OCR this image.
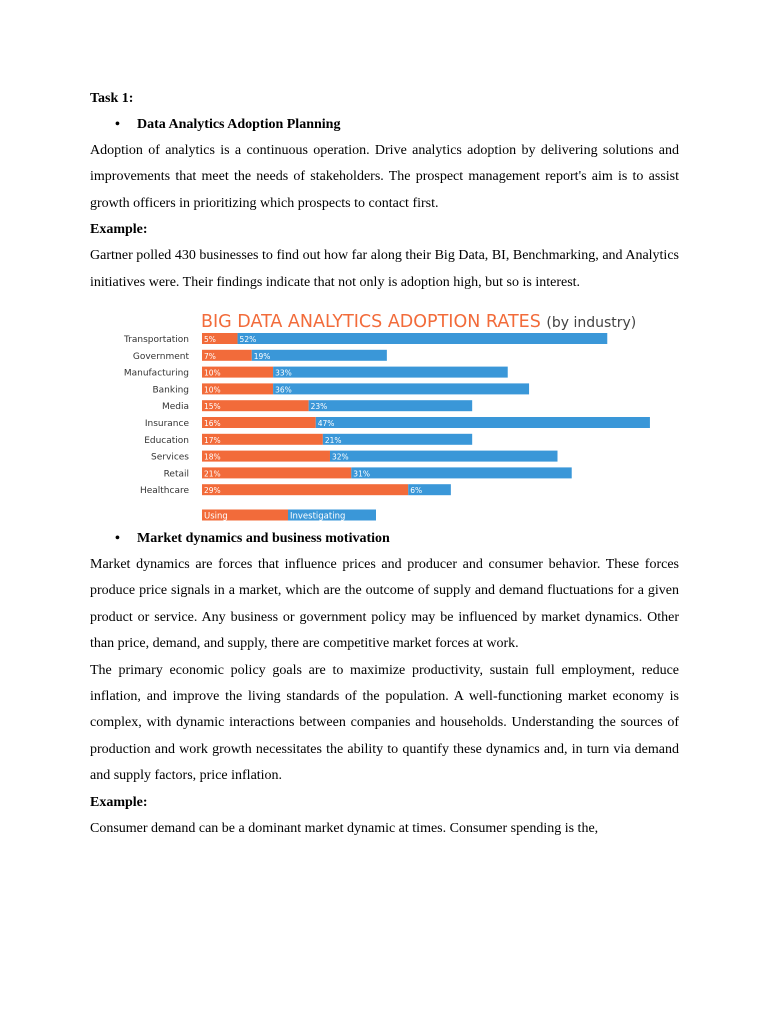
Task 1:

• Data Analytics Adoption Planning

Adoption of analytics is a continuous operation. Drive analytics adoption by delivering solutions and improvements that meet the needs of stakeholders. The prospect management report's aim is to assist growth officers in prioritizing which prospects to contact first.

Example:

Gartner polled 430 businesses to find out how far along their Big Data, BI, Benchmarking, and Analytics initiatives were. Their findings indicate that not only is adoption high, but so is interest.

BIG DATA ANALYTICS ADOPTION RATES (by industry)
Transportation 5%	52%
Government 7%	19%
Manufacturing 10%	33%
Banking 10%	36%
Media 15%	23%
Insurance 16%	47%
Education 17%	21%
Services 18%	32%
Retail 21%	31%
Healthcare 29%	6%
Using	Investigating

• Market dynamics and business motivation

Market dynamics are forces that influence prices and producer and consumer behavior. These forces produce price signals in a market, which are the outcome of supply and demand fluctuations for a given product or service. Any business or government policy may be influenced by market dynamics. Other than price, demand, and supply, there are competitive market forces at work.

The primary economic policy goals are to maximize productivity, sustain full employment, reduce inflation, and improve the living standards of the population. A well-functioning market economy is complex, with dynamic interactions between companies and households. Understanding the sources of production and work growth necessitates the ability to quantify these dynamics and, in turn via demand and supply factors, price inflation.

Example:

Consumer demand can be a dominant market dynamic at times. Consumer spending is the,
